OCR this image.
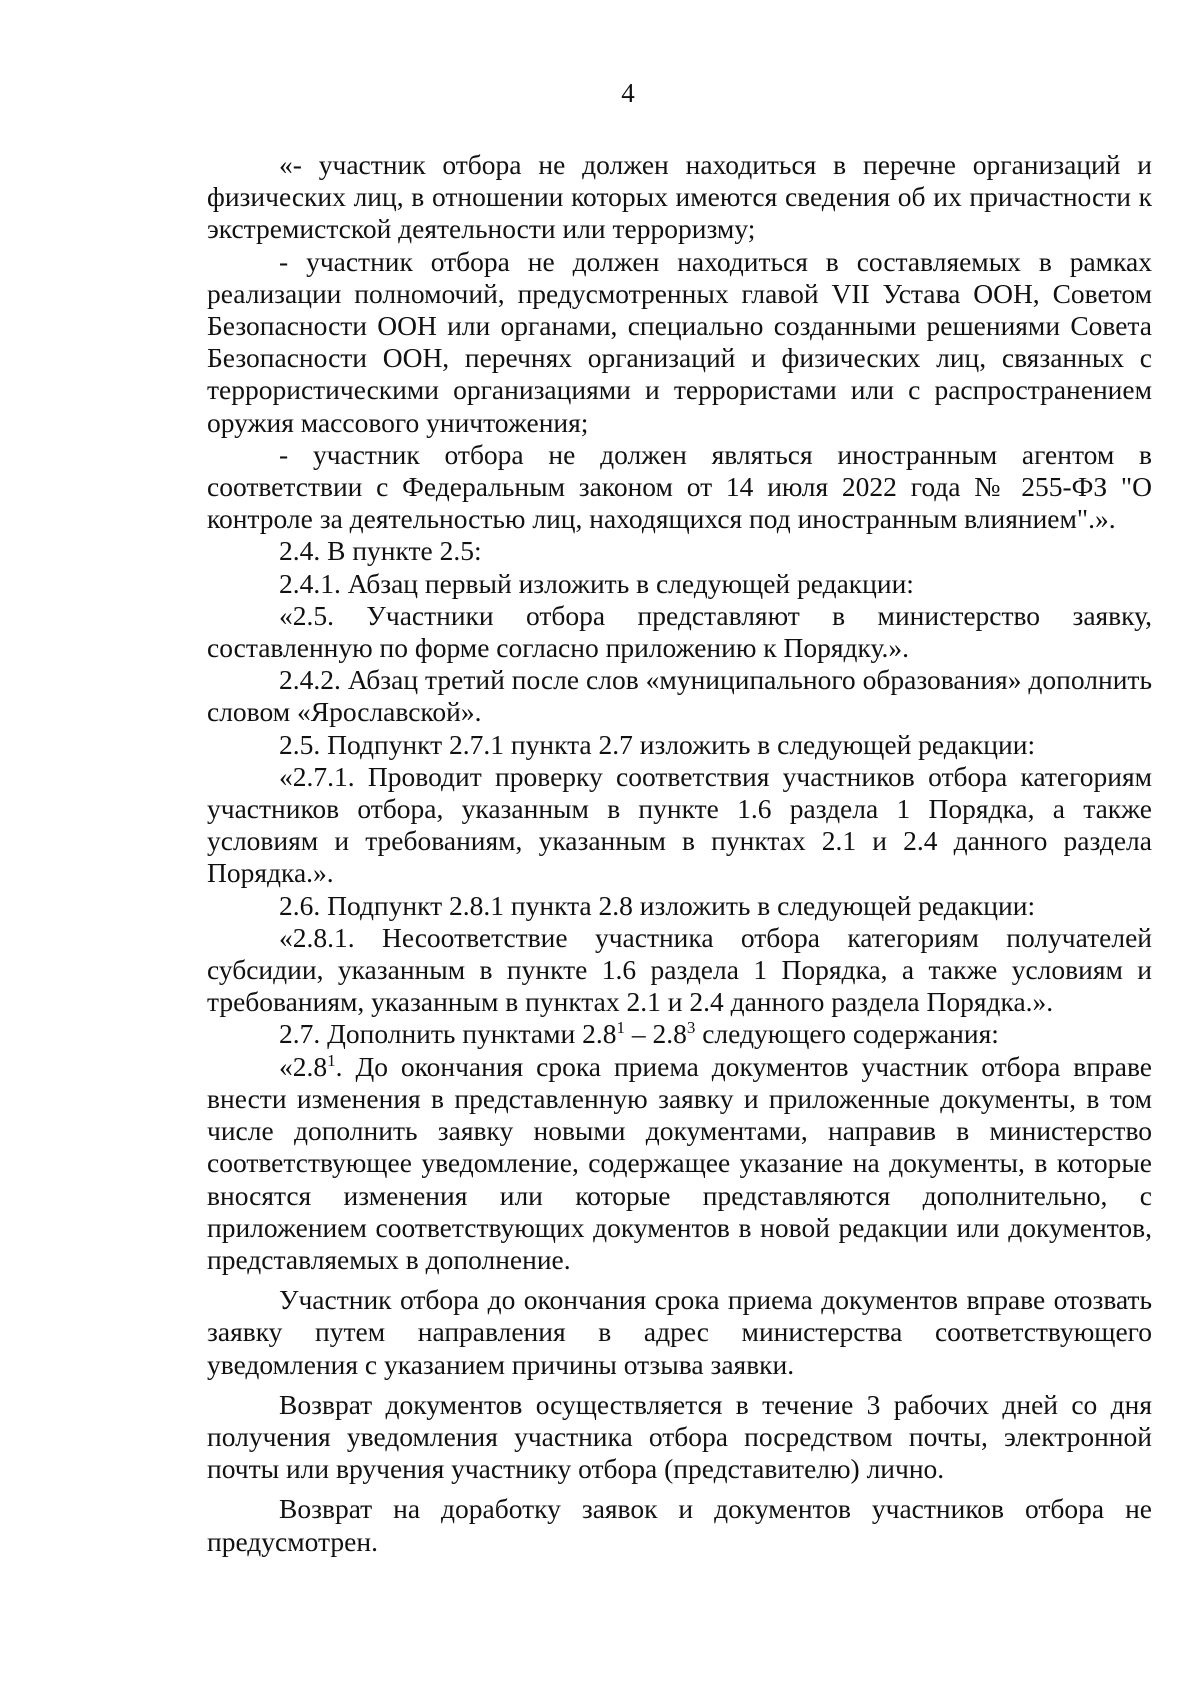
4

«- участник отбора не должен находиться в перечне организаций и физических лиц, в отношении которых имеются сведения об их причастности к экстремистской деятельности или терроризму;

- участник отбора не должен находиться в составляемых в рамках реализации полномочий, предусмотренных главой VII Устава ООН, Советом Безопасности ООН или органами, специально созданными решениями Совета Безопасности ООН, перечнях организаций и физических лиц, связанных с террористическими организациями и террористами или с распространением оружия массового уничтожения;

- участник отбора не должен являться иностранным агентом в соответствии с Федеральным законом от 14 июля 2022 года № 255-ФЗ "О контроле за деятельностью лиц, находящихся под иностранным влиянием".».

2.4. В пункте 2.5:

2.4.1. Абзац первый изложить в следующей редакции:

«2.5. Участники отбора представляют в министерство заявку, составленную по форме согласно приложению к Порядку.».

2.4.2. Абзац третий после слов «муниципального образования» дополнить словом «Ярославской».

2.5. Подпункт 2.7.1 пункта 2.7 изложить в следующей редакции:

«2.7.1. Проводит проверку соответствия участников отбора категориям участников отбора, указанным в пункте 1.6 раздела 1 Порядка, а также условиям и требованиям, указанным в пунктах 2.1 и 2.4 данного раздела Порядка.».

2.6. Подпункт 2.8.1 пункта 2.8 изложить в следующей редакции:

«2.8.1. Несоответствие участника отбора категориям получателей субсидии, указанным в пункте 1.6 раздела 1 Порядка, а также условиям и требованиям, указанным в пунктах 2.1 и 2.4 данного раздела Порядка.».

2.7. Дополнить пунктами $2.8^1 - 2.8^3$ следующего содержания:

«$2.8^1$. До окончания срока приема документов участник отбора вправе внести изменения в представленную заявку и приложенные документы, в том числе дополнить заявку новыми документами, направив в министерство соответствующее уведомление, содержащее указание на документы, в которые вносятся изменения или которые представляются дополнительно, с приложением соответствующих документов в новой редакции или документов, представляемых в дополнение.

Участник отбора до окончания срока приема документов вправе отозвать заявку путем направления в адрес министерства соответствующего уведомления с указанием причины отзыва заявки.

Возврат документов осуществляется в течение 3 рабочих дней со дня получения уведомления участника отбора посредством почты, электронной почты или вручения участнику отбора (представителю) лично.

Возврат на доработку заявок и документов участников отбора не предусмотрен.
